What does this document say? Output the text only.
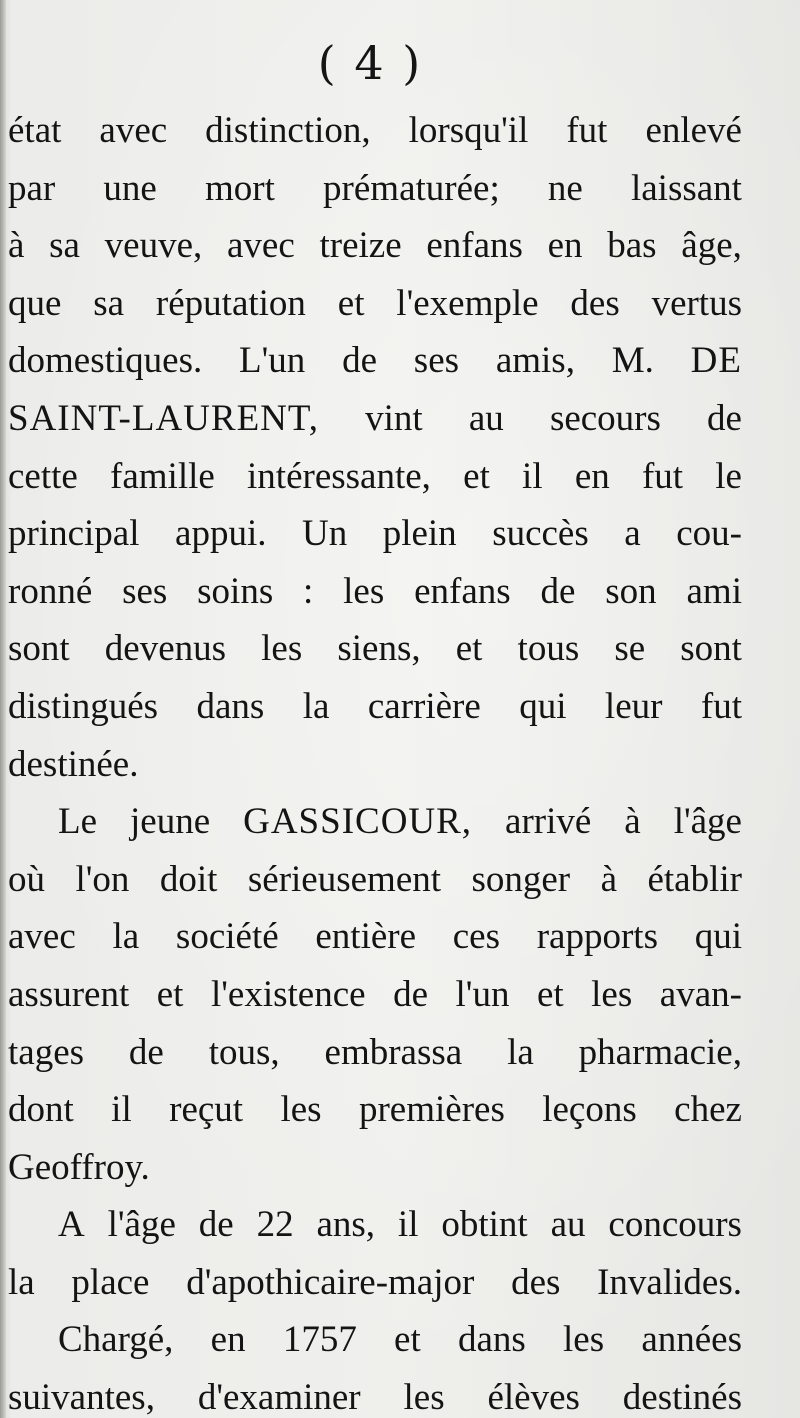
( 4 )
état avec distinction, lorsqu'il fut enlevé
par une mort prématurée; ne laissant
à sa veuve, avec treize enfans en bas âge,
que sa réputation et l'exemple des vertus
domestiques. L'un de ses amis, M. DE
SAINT-LAURENT, vint au secours de
cette famille intéressante, et il en fut le
principal appui. Un plein succès a cou-
ronné ses soins : les enfans de son ami
sont devenus les siens, et tous se sont
distingués dans la carrière qui leur fut
destinée.
Le jeune GASSICOUR, arrivé à l'âge
où l'on doit sérieusement songer à établir
avec la société entière ces rapports qui
assurent et l'existence de l'un et les avan-
tages de tous, embrassa la pharmacie,
dont il reçut les premières leçons chez
Geoffroy.
A l'âge de 22 ans, il obtint au concours
la place d'apothicaire-major des Invalides.
Chargé, en 1757 et dans les années
suivantes, d'examiner les élèves destinés
